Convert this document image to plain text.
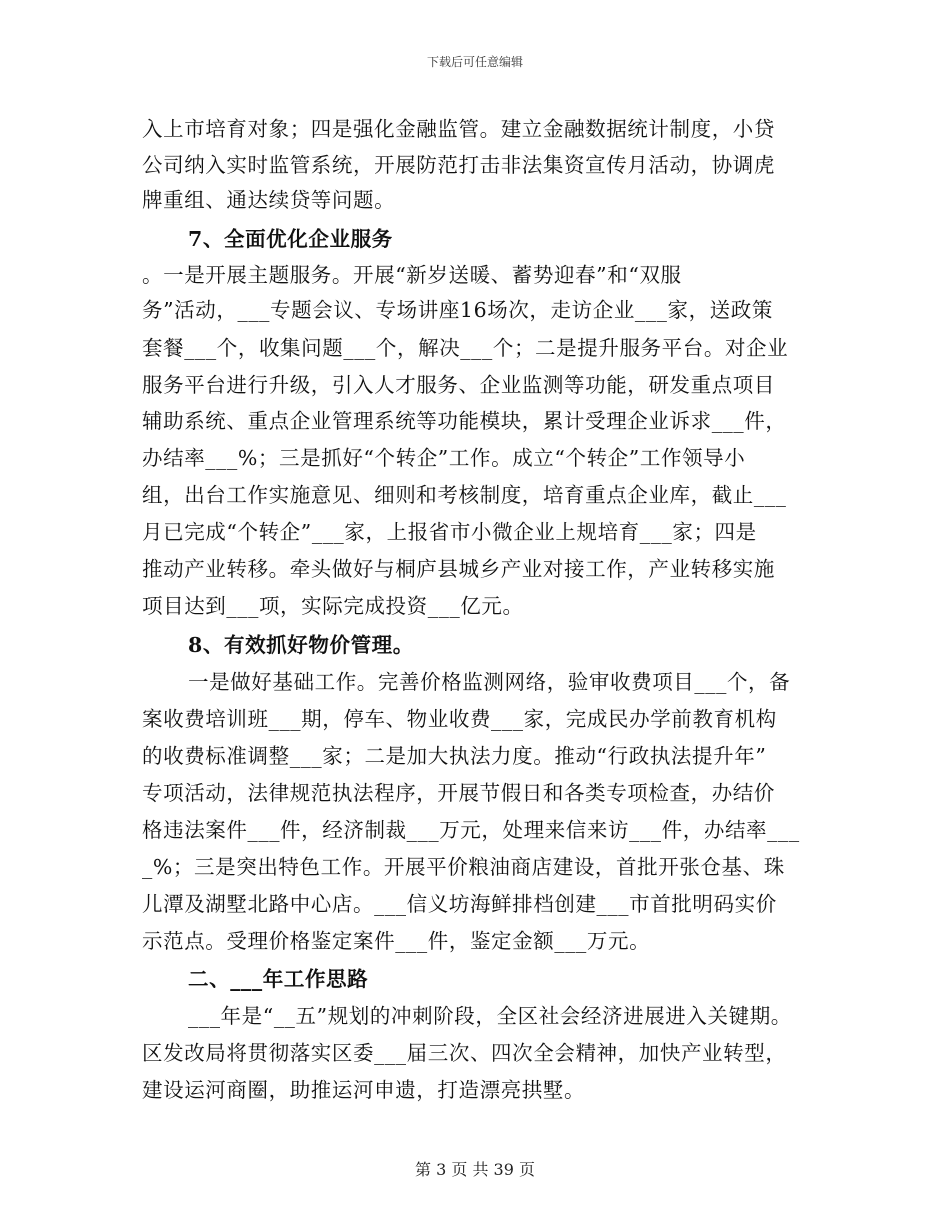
下载后可任意编辑
入上市培育对象；四是强化金融监管。建立金融数据统计制度，小贷
公司纳入实时监管系统，开展防范打击非法集资宣传月活动，协调虎
牌重组、通达续贷等问题。
7、全面优化企业服务
。一是开展主题服务。开展“新岁送暖、蓄势迎春”和“双服
务”活动，___专题会议、专场讲座16场次，走访企业___家，送政策
套餐___个，收集问题___个，解决___个；二是提升服务平台。对企业
服务平台进行升级，引入人才服务、企业监测等功能，研发重点项目
辅助系统、重点企业管理系统等功能模块，累计受理企业诉求___件，
办结率___%；三是抓好“个转企”工作。成立“个转企”工作领导小
组，出台工作实施意见、细则和考核制度，培育重点企业库，截止___
月已完成“个转企”___家，上报省市小微企业上规培育___家；四是
推动产业转移。牵头做好与桐庐县城乡产业对接工作，产业转移实施
项目达到___项，实际完成投资___亿元。
8、有效抓好物价管理。
一是做好基础工作。完善价格监测网络，验审收费项目___个，备
案收费培训班___期，停车、物业收费___家，完成民办学前教育机构
的收费标准调整___家；二是加大执法力度。推动“行政执法提升年”
专项活动，法律规范执法程序，开展节假日和各类专项检查，办结价
格违法案件___件，经济制裁___万元，处理来信来访___件，办结率___
_%；三是突出特色工作。开展平价粮油商店建设，首批开张仓基、珠
儿潭及湖墅北路中心店。___信义坊海鲜排档创建___市首批明码实价
示范点。受理价格鉴定案件___件，鉴定金额___万元。
二、___年工作思路
___年是“__五”规划的冲刺阶段，全区社会经济进展进入关键期。
区发改局将贯彻落实区委___届三次、四次全会精神，加快产业转型，
建设运河商圈，助推运河申遗，打造漂亮拱墅。
第 3 页 共 39 页
